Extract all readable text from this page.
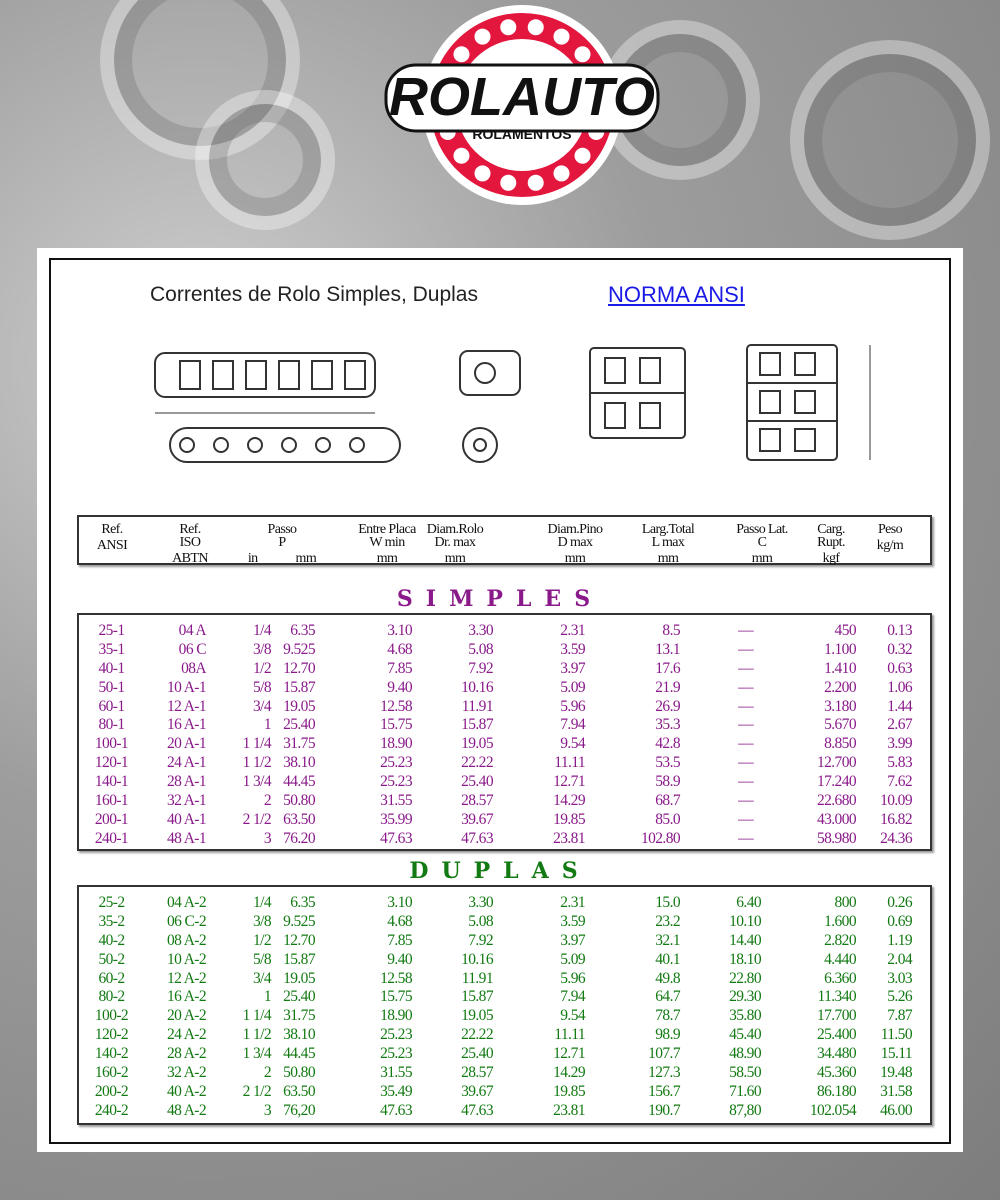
ROLAUTO
ROLAMENTOS
Correntes de Rolo Simples, Duplas	NORMA ANSI
Ref.
ANSI
Ref.
ISO
ABTN
Passo
P
in	mm
Entre Placa
W min
mm
Diam.Rolo
Dr. max
mm
Diam.Pino
D max
mm
Larg.Total
L max
mm
Passo Lat.
C
mm
Carg.
Rupt.
kgf
Peso
kg/m
SIMPLES
25-1	04 A	1/4	6.35	3.10	3.30	2.31	8.5	—	450	0.13
35-1	06 C	3/8 9.525	4.68	5.08	3.59	13.1	—	1.100	0.32
40-1	08A	1/2 12.70	7.85	7.92	3.97	17.6	—	1.410	0.63
50-1	10 A-1	5/8 15.87	9.40	10.16	5.09	21.9	—	2.200	1.06
60-1	12 A-1	3/4 19.05	12.58	11.91	5.96	26.9	—	3.180	1.44
80-1	16 A-1	1 25.40	15.75	15.87	7.94	35.3	—	5.670	2.67
100-1	20 A-1	1 1/4 31.75	18.90	19.05	9.54	42.8	—	8.850	3.99
120-1	24 A-1	1 1/2 38.10	25.23	22.22	11.11	53.5	—	12.700	5.83
140-1	28 A-1	1 3/4 44.45	25.23	25.40	12.71	58.9	—	17.240	7.62
160-1	32 A-1	2 50.80	31.55	28.57	14.29	68.7	—	22.680	10.09
200-1	40 A-1	2 1/2 63.50	35.99	39.67	19.85	85.0	—	43.000	16.82
240-1	48 A-1	3 76.20	47.63	47.63	23.81	102.80	—	58.980	24.36
DUPLAS
25-2	04 A-2	1/4	6.35	3.10	3.30	2.31	15.0	6.40	800	0.26
35-2	06 C-2	3/8 9.525	4.68	5.08	3.59	23.2	10.10	1.600	0.69
40-2	08 A-2	1/2 12.70	7.85	7.92	3.97	32.1	14.40	2.820	1.19
50-2	10 A-2	5/8 15.87	9.40	10.16	5.09	40.1	18.10	4.440	2.04
60-2	12 A-2	3/4 19.05	12.58	11.91	5.96	49.8	22.80	6.360	3.03
80-2	16 A-2	1 25.40	15.75	15.87	7.94	64.7	29.30	11.340	5.26
100-2	20 A-2	1 1/4 31.75	18.90	19.05	9.54	78.7	35.80	17.700	7.87
120-2	24 A-2	1 1/2 38.10	25.23	22.22	11.11	98.9	45.40	25.400	11.50
140-2	28 A-2	1 3/4 44.45	25.23	25.40	12.71	107.7	48.90	34.480	15.11
160-2	32 A-2	2 50.80	31.55	28.57	14.29	127.3	58.50	45.360	19.48
200-2	40 A-2	2 1/2 63.50	35.49	39.67	19.85	156.7	71.60	86.180	31.58
240-2	48 A-2	3 76,20	47.63	47.63	23.81	190.7	87,80	102.054	46.00
